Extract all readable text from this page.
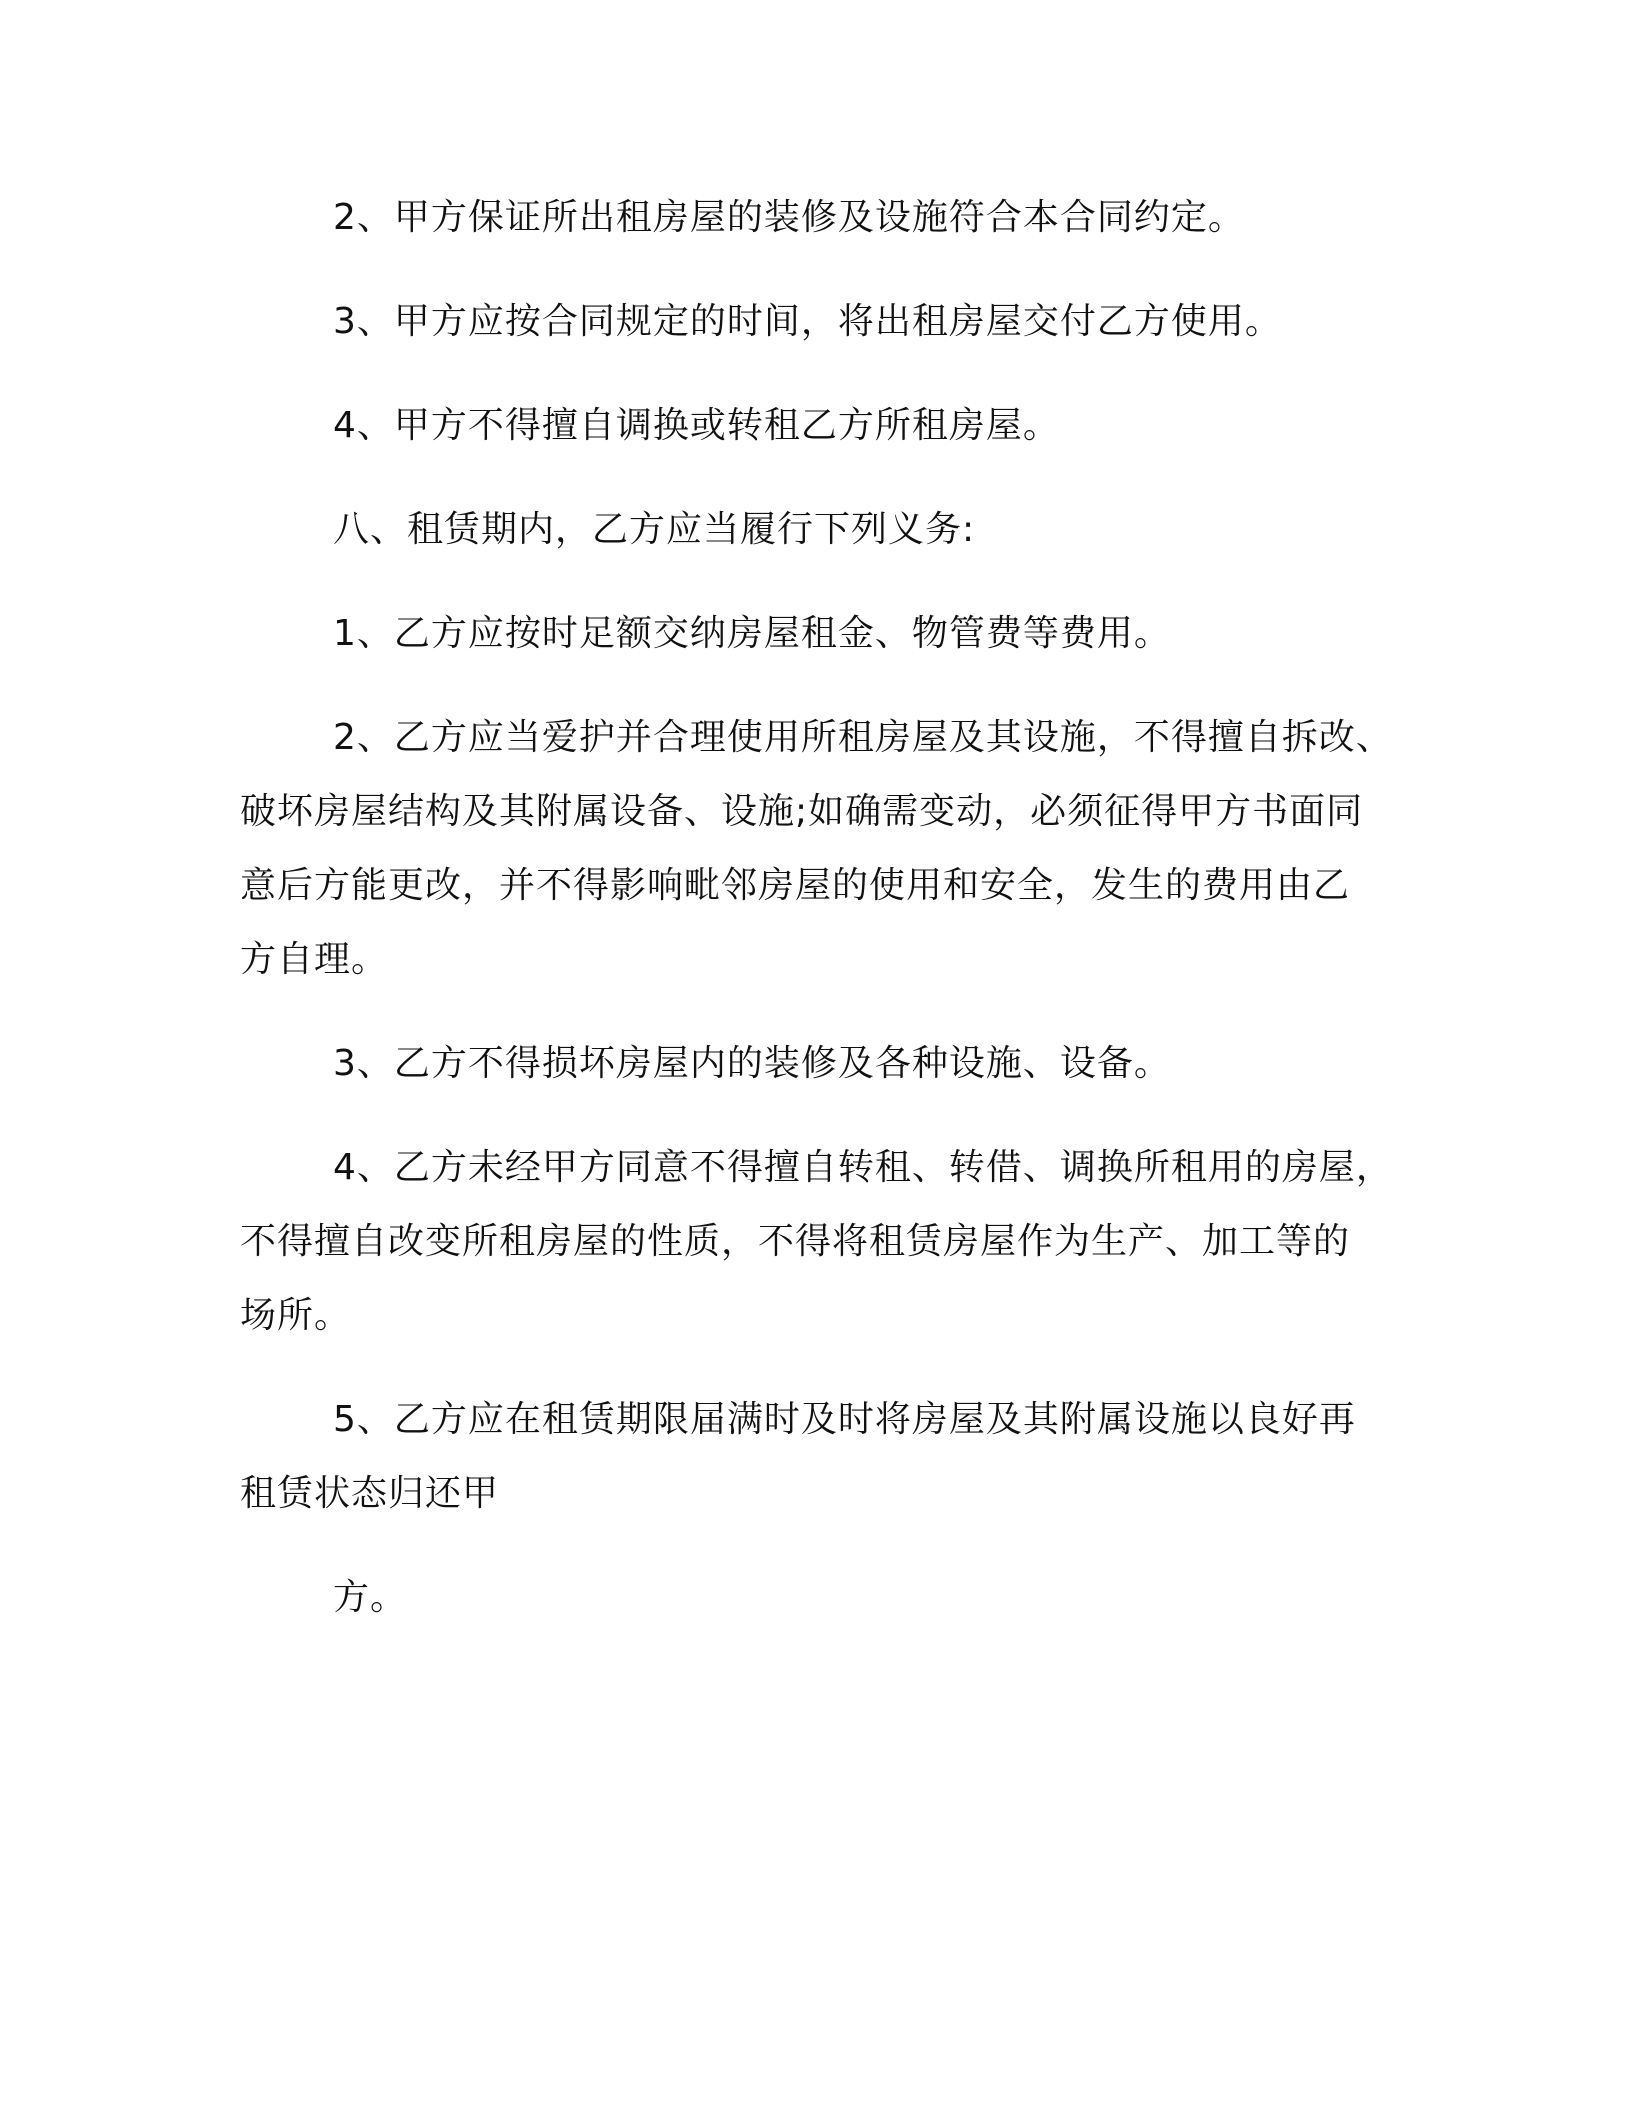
2、甲方保证所出租房屋的装修及设施符合本合同约定。
3、甲方应按合同规定的时间，将出租房屋交付乙方使用。
4、甲方不得擅自调换或转租乙方所租房屋。
八、租赁期内，乙方应当履行下列义务:
1、乙方应按时足额交纳房屋租金、物管费等费用。
2、乙方应当爱护并合理使用所租房屋及其设施，不得擅自拆改、
破坏房屋结构及其附属设备、设施;如确需变动，必须征得甲方书面同
意后方能更改，并不得影响毗邻房屋的使用和安全，发生的费用由乙
方自理。
3、乙方不得损坏房屋内的装修及各种设施、设备。
4、乙方未经甲方同意不得擅自转租、转借、调换所租用的房屋，
不得擅自改变所租房屋的性质，不得将租赁房屋作为生产、加工等的
场所。
5、乙方应在租赁期限届满时及时将房屋及其附属设施以良好再
租赁状态归还甲
方。
